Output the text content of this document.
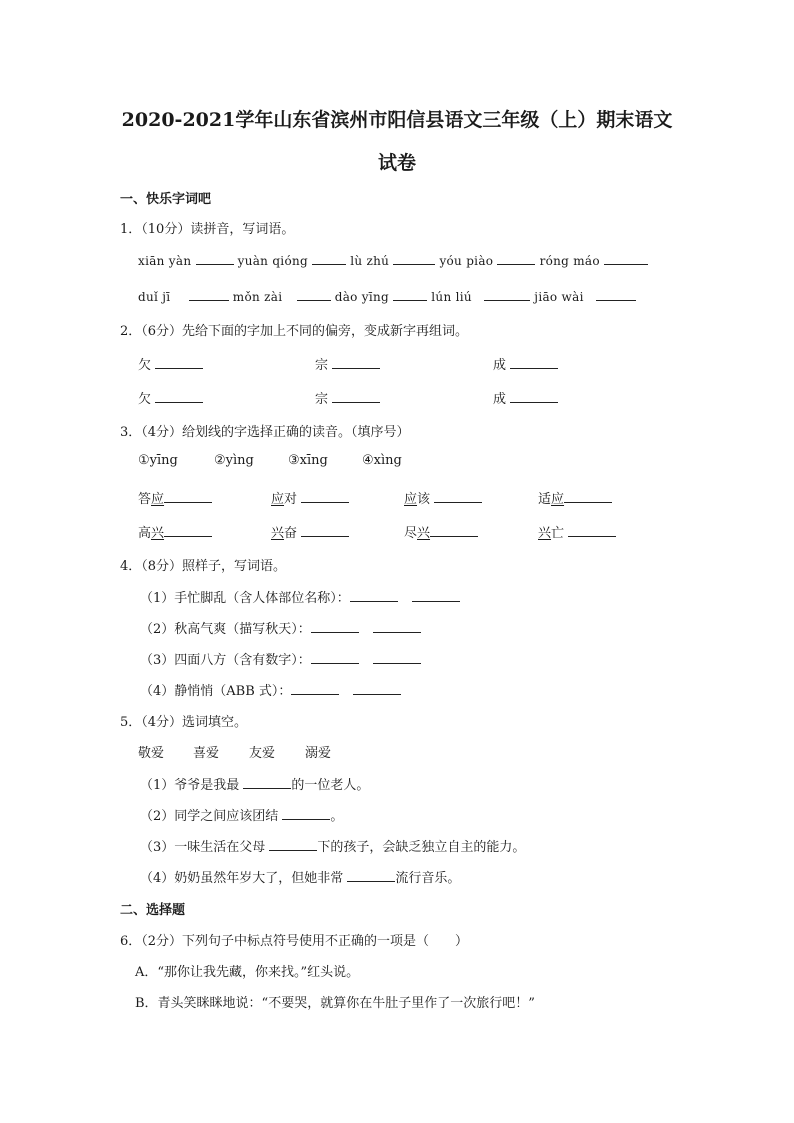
2020-2021学年山东省滨州市阳信县语文三年级（上）期末语文
试卷
一、快乐字词吧
1．（10分）读拼音，写词语。
xiān yàn	yuàn qióng	lù zhú	yóu piào	róng máo
duǐ jī	mǒn zài	dào yīng	lún liú	jiāo wài
2．（6分）先给下面的字加上不同的偏旁，变成新字再组词。
欠	宗	成
欠	宗	成
3．（4分）给划线的字选择正确的读音。（填序号）
①yīng	②yìng	③xīng	④xìng
答应	应对	应该	适应
高兴	兴奋	尽兴	兴亡
4．（8分）照样子，写词语。
（1）手忙脚乱（含人体部位名称）：
（2）秋高气爽（描写秋天）：
（3）四面八方（含有数字）：
（4）静悄悄（ABB 式）：
5．（4分）选词填空。
敬爱 喜爱 友爱 溺爱
（1）爷爷是我最	的一位老人。
（2）同学之间应该团结	。
（3）一味生活在父母	下的孩子，会缺乏独立自主的能力。
（4）奶奶虽然年岁大了，但她非常	流行音乐。
二、选择题
6．（2分）下列句子中标点符号使用不正确的一项是（　　）
A．“那你让我先藏，你来找。”红头说。
B．青头笑眯眯地说：“不要哭，就算你在牛肚子里作了一次旅行吧！”
